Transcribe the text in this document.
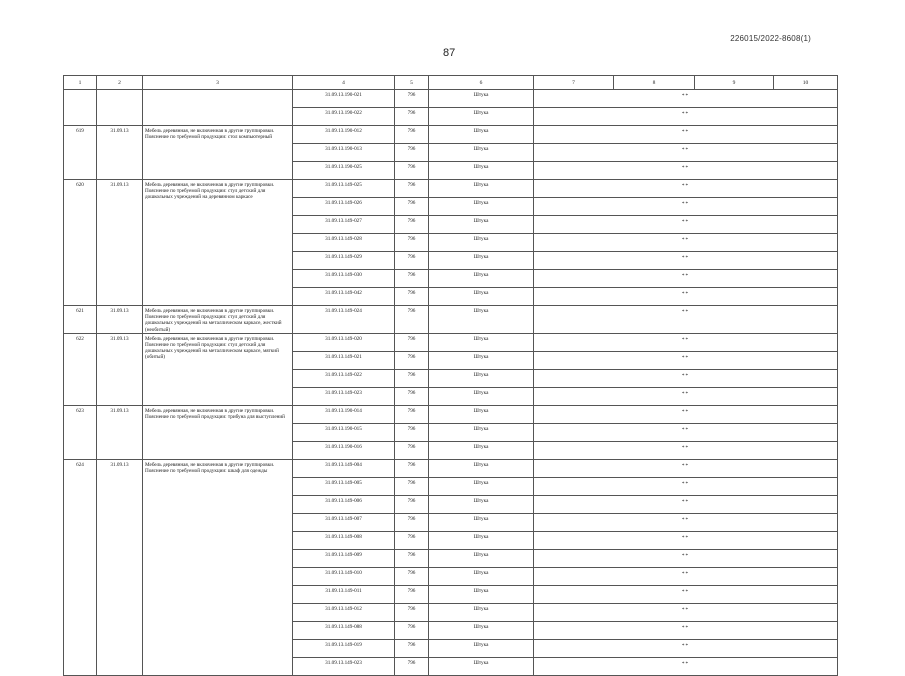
226015/2022-8608(1)
87
1	2	3	4	5	6	7	8	9	10
			31.09.13.190-021	796	Штука	**			
			31.09.13.190-022	796	Штука	**			
619	31.09.13	Мебель деревянная, не включенная в другие группировки. Пояснение по требуемой продукции: стол компьютерный	31.09.13.190-012	796	Штука	**			
			31.09.13.190-013	796	Штука	**			
			31.09.13.190-025	796	Штука	**			
620	31.09.13	Мебель деревянная, не включенная в другие группировки. Пояснение по требуемой продукции: стул детский для дошкольных учреждений на деревянном каркасе	31.09.13.149-025	796	Штука	**			
			31.09.13.149-026	796	Штука	**			
			31.09.13.149-027	796	Штука	**			
			31.09.13.149-028	796	Штука	**			
			31.09.13.149-029	796	Штука	**			
			31.09.13.149-030	796	Штука	**			
			31.09.13.149-042	796	Штука	**			
621	31.09.13	Мебель деревянная, не включенная в другие группировки. Пояснение по требуемой продукции: стул детский для дошкольных учреждений на металлическом каркасе, жесткий (необитый)	31.09.13.149-024	796	Штука	**			
622	31.09.13	Мебель деревянная, не включенная в другие группировки. Пояснение по требуемой продукции: стул детский для дошкольных учреждений на металлическом каркасе, мягкий (обитый)	31.09.13.149-020	796	Штука	**			
			31.09.13.149-021	796	Штука	**			
			31.09.13.149-022	796	Штука	**			
			31.09.13.149-023	796	Штука	**			
623	31.09.13	Мебель деревянная, не включенная в другие группировки. Пояснение по требуемой продукции: трибуна для выступлений	31.09.13.190-014	796	Штука	**			
			31.09.13.190-015	796	Штука	**			
			31.09.13.190-016	796	Штука	**			
624	31.09.13	Мебель деревянная, не включенная в другие группировки. Пояснение по требуемой продукции: шкаф для одежды	31.09.13.149-004	796	Штука	**			
			31.09.13.149-005	796	Штука	**			
			31.09.13.149-006	796	Штука	**			
			31.09.13.149-007	796	Штука	**			
			31.09.13.149-008	796	Штука	**			
			31.09.13.149-009	796	Штука	**			
			31.09.13.149-010	796	Штука	**			
			31.09.13.149-011	796	Штука	**			
			31.09.13.149-012	796	Штука	**			
			31.09.13.149-088	796	Штука	**			
			31.09.13.149-019	796	Штука	**			
			31.09.13.149-023	796	Штука	**			
